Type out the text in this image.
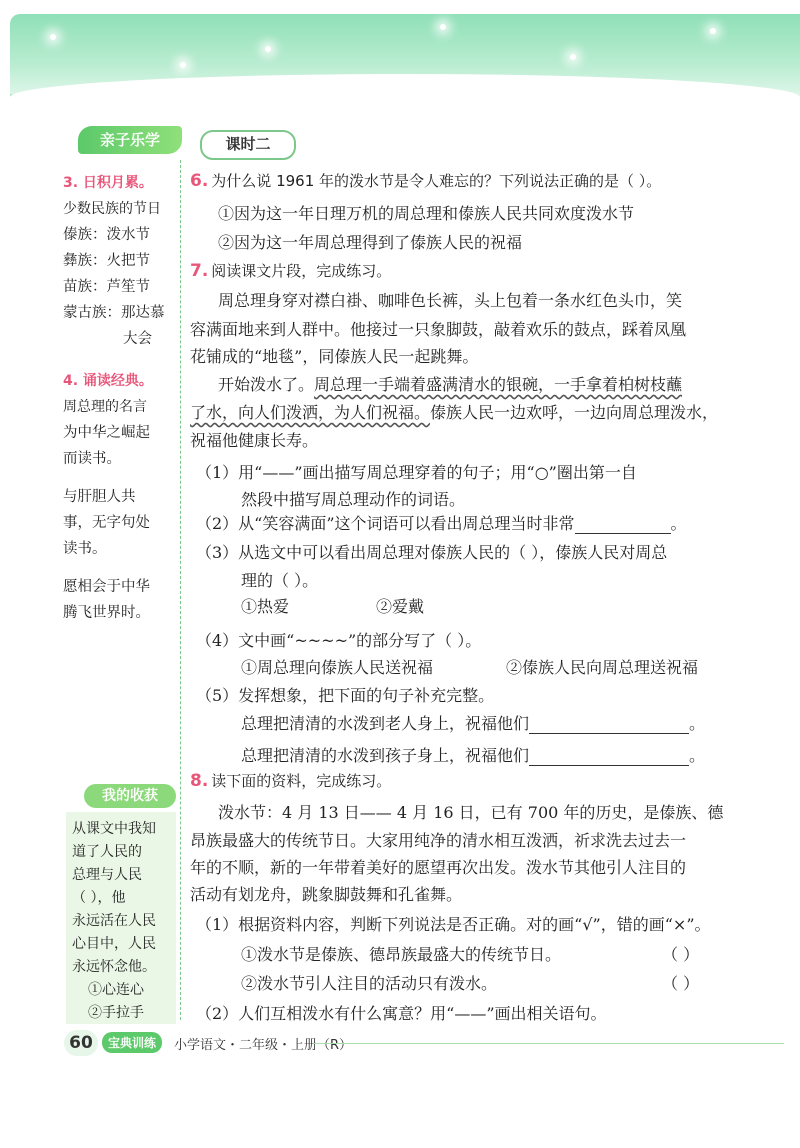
亲子乐学
3. 日积月累。
少数民族的节日
傣族：泼水节
彝族：火把节
苗族：芦笙节
蒙古族：那达慕
大会
4. 诵读经典。
周总理的名言
为中华之崛起
而读书。
与肝胆人共
事，无字句处
读书。
愿相会于中华
腾飞世界时。
我的收获
从课文中我知
道了人民的
总理与人民
（ ），他
永远活在人民
心目中，人民
永远怀念他。
①心连心
②手拉手
课时二
6. 为什么说 1961 年的泼水节是令人难忘的？下列说法正确的是（ ）。
①因为这一年日理万机的周总理和傣族人民共同欢度泼水节
②因为这一年周总理得到了傣族人民的祝福
7. 阅读课文片段，完成练习。
周总理身穿对襟白褂、咖啡色长裤，头上包着一条水红色头巾，笑
容满面地来到人群中。他接过一只象脚鼓，敲着欢乐的鼓点，踩着凤凰
花铺成的“地毯”，同傣族人民一起跳舞。
开始泼水了。周总理一手端着盛满清水的银碗，一手拿着柏树枝蘸
了水，向人们泼洒，为人们祝福。傣族人民一边欢呼，一边向周总理泼水，
祝福他健康长寿。
（1）用“——”画出描写周总理穿着的句子；用“○”圈出第一自
然段中描写周总理动作的词语。
（2）从“笑容满面”这个词语可以看出周总理当时非常	。
（3）从选文中可以看出周总理对傣族人民的（ ），傣族人民对周总
理的（ ）。
①热爱	②爱戴
（4）文中画“~~~~”的部分写了（ ）。
①周总理向傣族人民送祝福	②傣族人民向周总理送祝福
（5）发挥想象，把下面的句子补充完整。
总理把清清的水泼到老人身上，祝福他们	。
总理把清清的水泼到孩子身上，祝福他们	。
8. 读下面的资料，完成练习。
泼水节：4 月 13 日—— 4 月 16 日，已有 700 年的历史，是傣族、德
昂族最盛大的传统节日。大家用纯净的清水相互泼洒，祈求洗去过去一
年的不顺，新的一年带着美好的愿望再次出发。泼水节其他引人注目的
活动有划龙舟，跳象脚鼓舞和孔雀舞。
（1）根据资料内容，判断下列说法是否正确。对的画“√”，错的画“×”。
①泼水节是傣族、德昂族最盛大的传统节日。	（ ）
②泼水节引人注目的活动只有泼水。	（ ）
（2）人们互相泼水有什么寓意？用“——”画出相关语句。
60	宝典训练	小学语文・二年级・上册（R）
